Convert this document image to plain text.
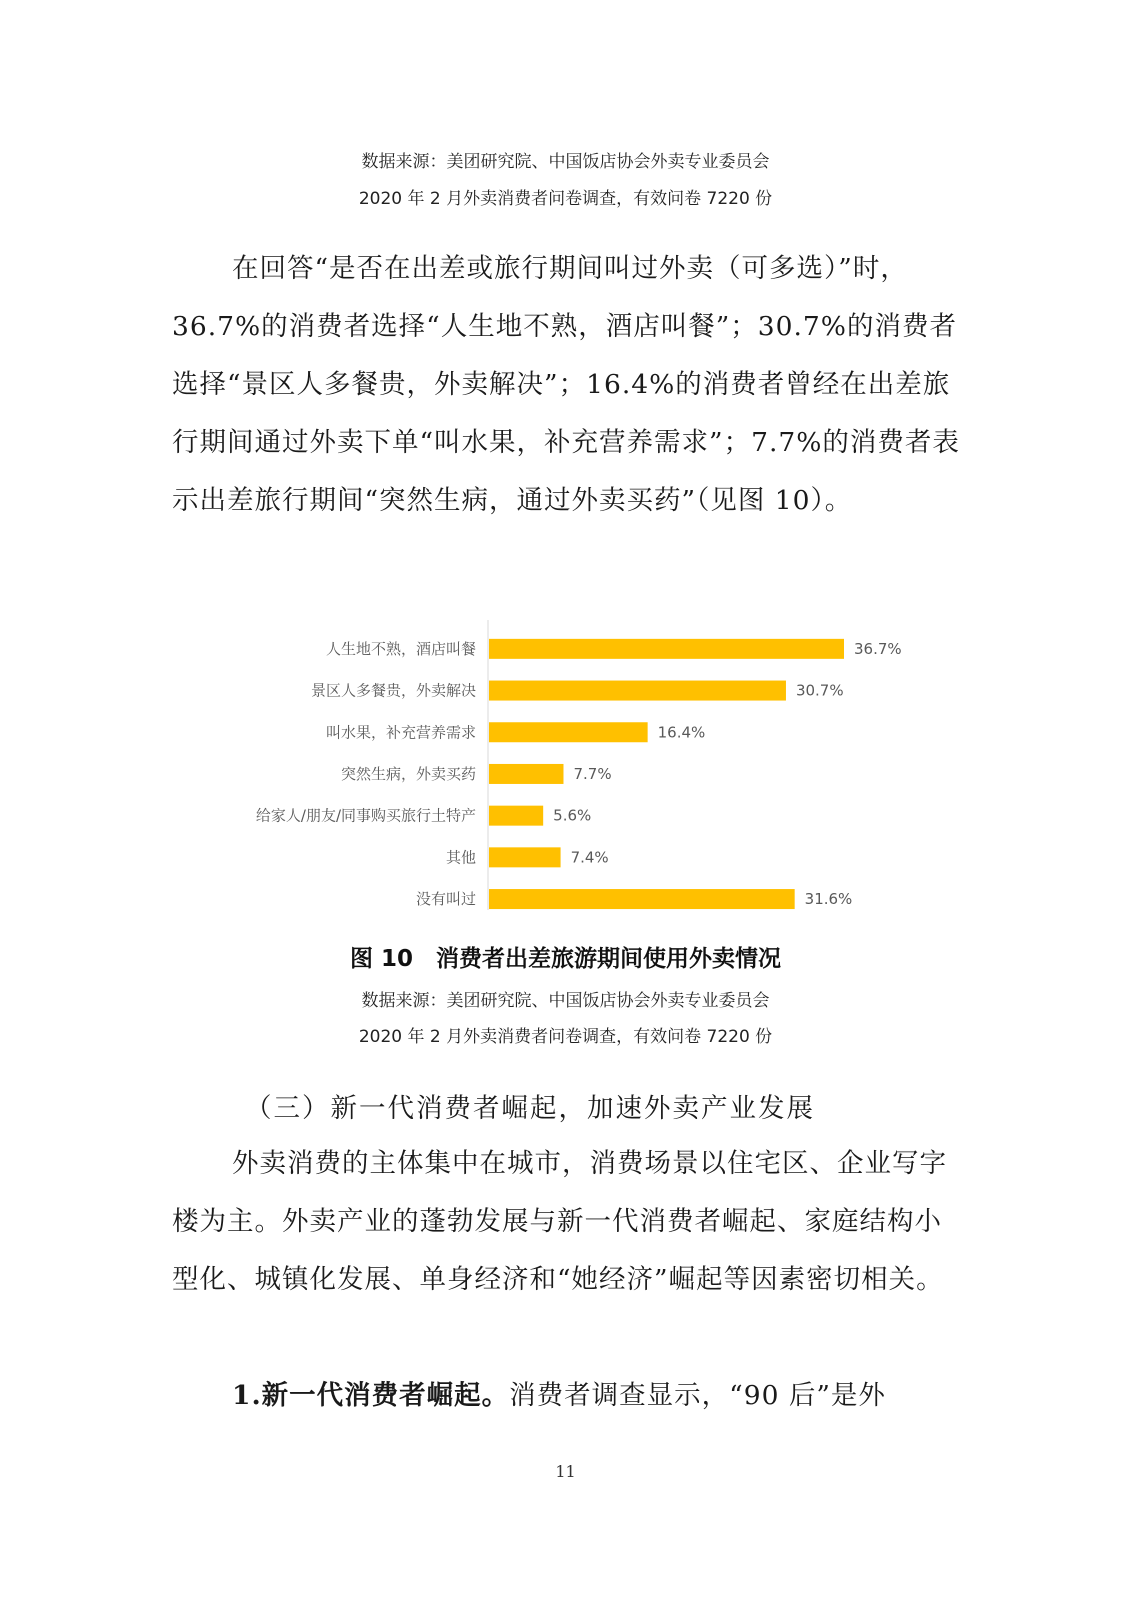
数据来源：美团研究院、中国饭店协会外卖专业委员会
2020 年 2 月外卖消费者问卷调查，有效问卷 7220 份

在回答“是否在出差或旅行期间叫过外卖（可多选）”时，36.7%的消费者选择“人生地不熟，酒店叫餐”；30.7%的消费者选择“景区人多餐贵，外卖解决”；16.4%的消费者曾经在出差旅行期间通过外卖下单“叫水果，补充营养需求”；7.7%的消费者表示出差旅行期间“突然生病，通过外卖买药”（见图 10）。

人生地不熟，酒店叫餐	36.7%
景区人多餐贵，外卖解决	30.7%
叫水果，补充营养需求	16.4%
突然生病，外卖买药	7.7%
给家人/朋友/同事购买旅行土特产	5.6%
其他	7.4%
没有叫过	31.6%
图 10　消费者出差旅游期间使用外卖情况
数据来源：美团研究院、中国饭店协会外卖专业委员会
2020 年 2 月外卖消费者问卷调查，有效问卷 7220 份
（三）新一代消费者崛起，加速外卖产业发展

外卖消费的主体集中在城市，消费场景以住宅区、企业写字楼为主。外卖产业的蓬勃发展与新一代消费者崛起、家庭结构小型化、城镇化发展、单身经济和“她经济”崛起等因素密切相关。

1.新一代消费者崛起。消费者调查显示，“90 后”是外

11
